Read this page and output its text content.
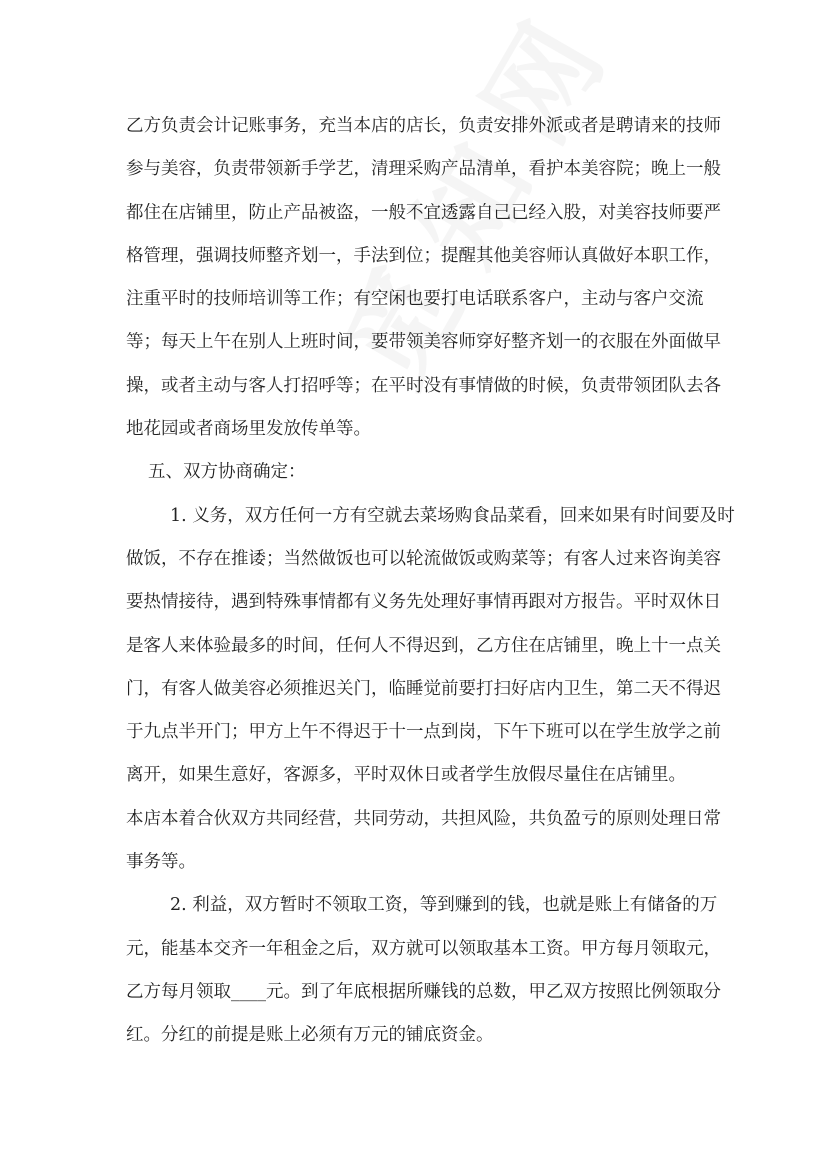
乙方负责会计记账事务，充当本店的店长，负责安排外派或者是聘请来的技师
参与美容，负责带领新手学艺，清理采购产品清单，看护本美容院；晚上一般
都住在店铺里，防止产品被盗，一般不宜透露自己已经入股，对美容技师要严
格管理，强调技师整齐划一，手法到位；提醒其他美容师认真做好本职工作，
注重平时的技师培训等工作；有空闲也要打电话联系客户，主动与客户交流
等；每天上午在别人上班时间，要带领美容师穿好整齐划一的衣服在外面做早
操，或者主动与客人打招呼等；在平时没有事情做的时候，负责带领团队去各
地花园或者商场里发放传单等。
五、双方协商确定：
1. 义务，双方任何一方有空就去菜场购食品菜看，回来如果有时间要及时
做饭，不存在推诿；当然做饭也可以轮流做饭或购菜等；有客人过来咨询美容
要热情接待，遇到特殊事情都有义务先处理好事情再跟对方报告。平时双休日
是客人来体验最多的时间，任何人不得迟到，乙方住在店铺里，晚上十一点关
门，有客人做美容必须推迟关门，临睡觉前要打扫好店内卫生，第二天不得迟
于九点半开门；甲方上午不得迟于十一点到岗，下午下班可以在学生放学之前
离开，如果生意好，客源多，平时双休日或者学生放假尽量住在店铺里。
本店本着合伙双方共同经营，共同劳动，共担风险，共负盈亏的原则处理日常
事务等。
2. 利益，双方暂时不领取工资，等到赚到的钱，也就是账上有储备的万
元，能基本交齐一年租金之后，双方就可以领取基本工资。甲方每月领取元，
乙方每月领取____元。到了年底根据所赚钱的总数，甲乙双方按照比例领取分
红。分红的前提是账上必须有万元的铺底资金。
